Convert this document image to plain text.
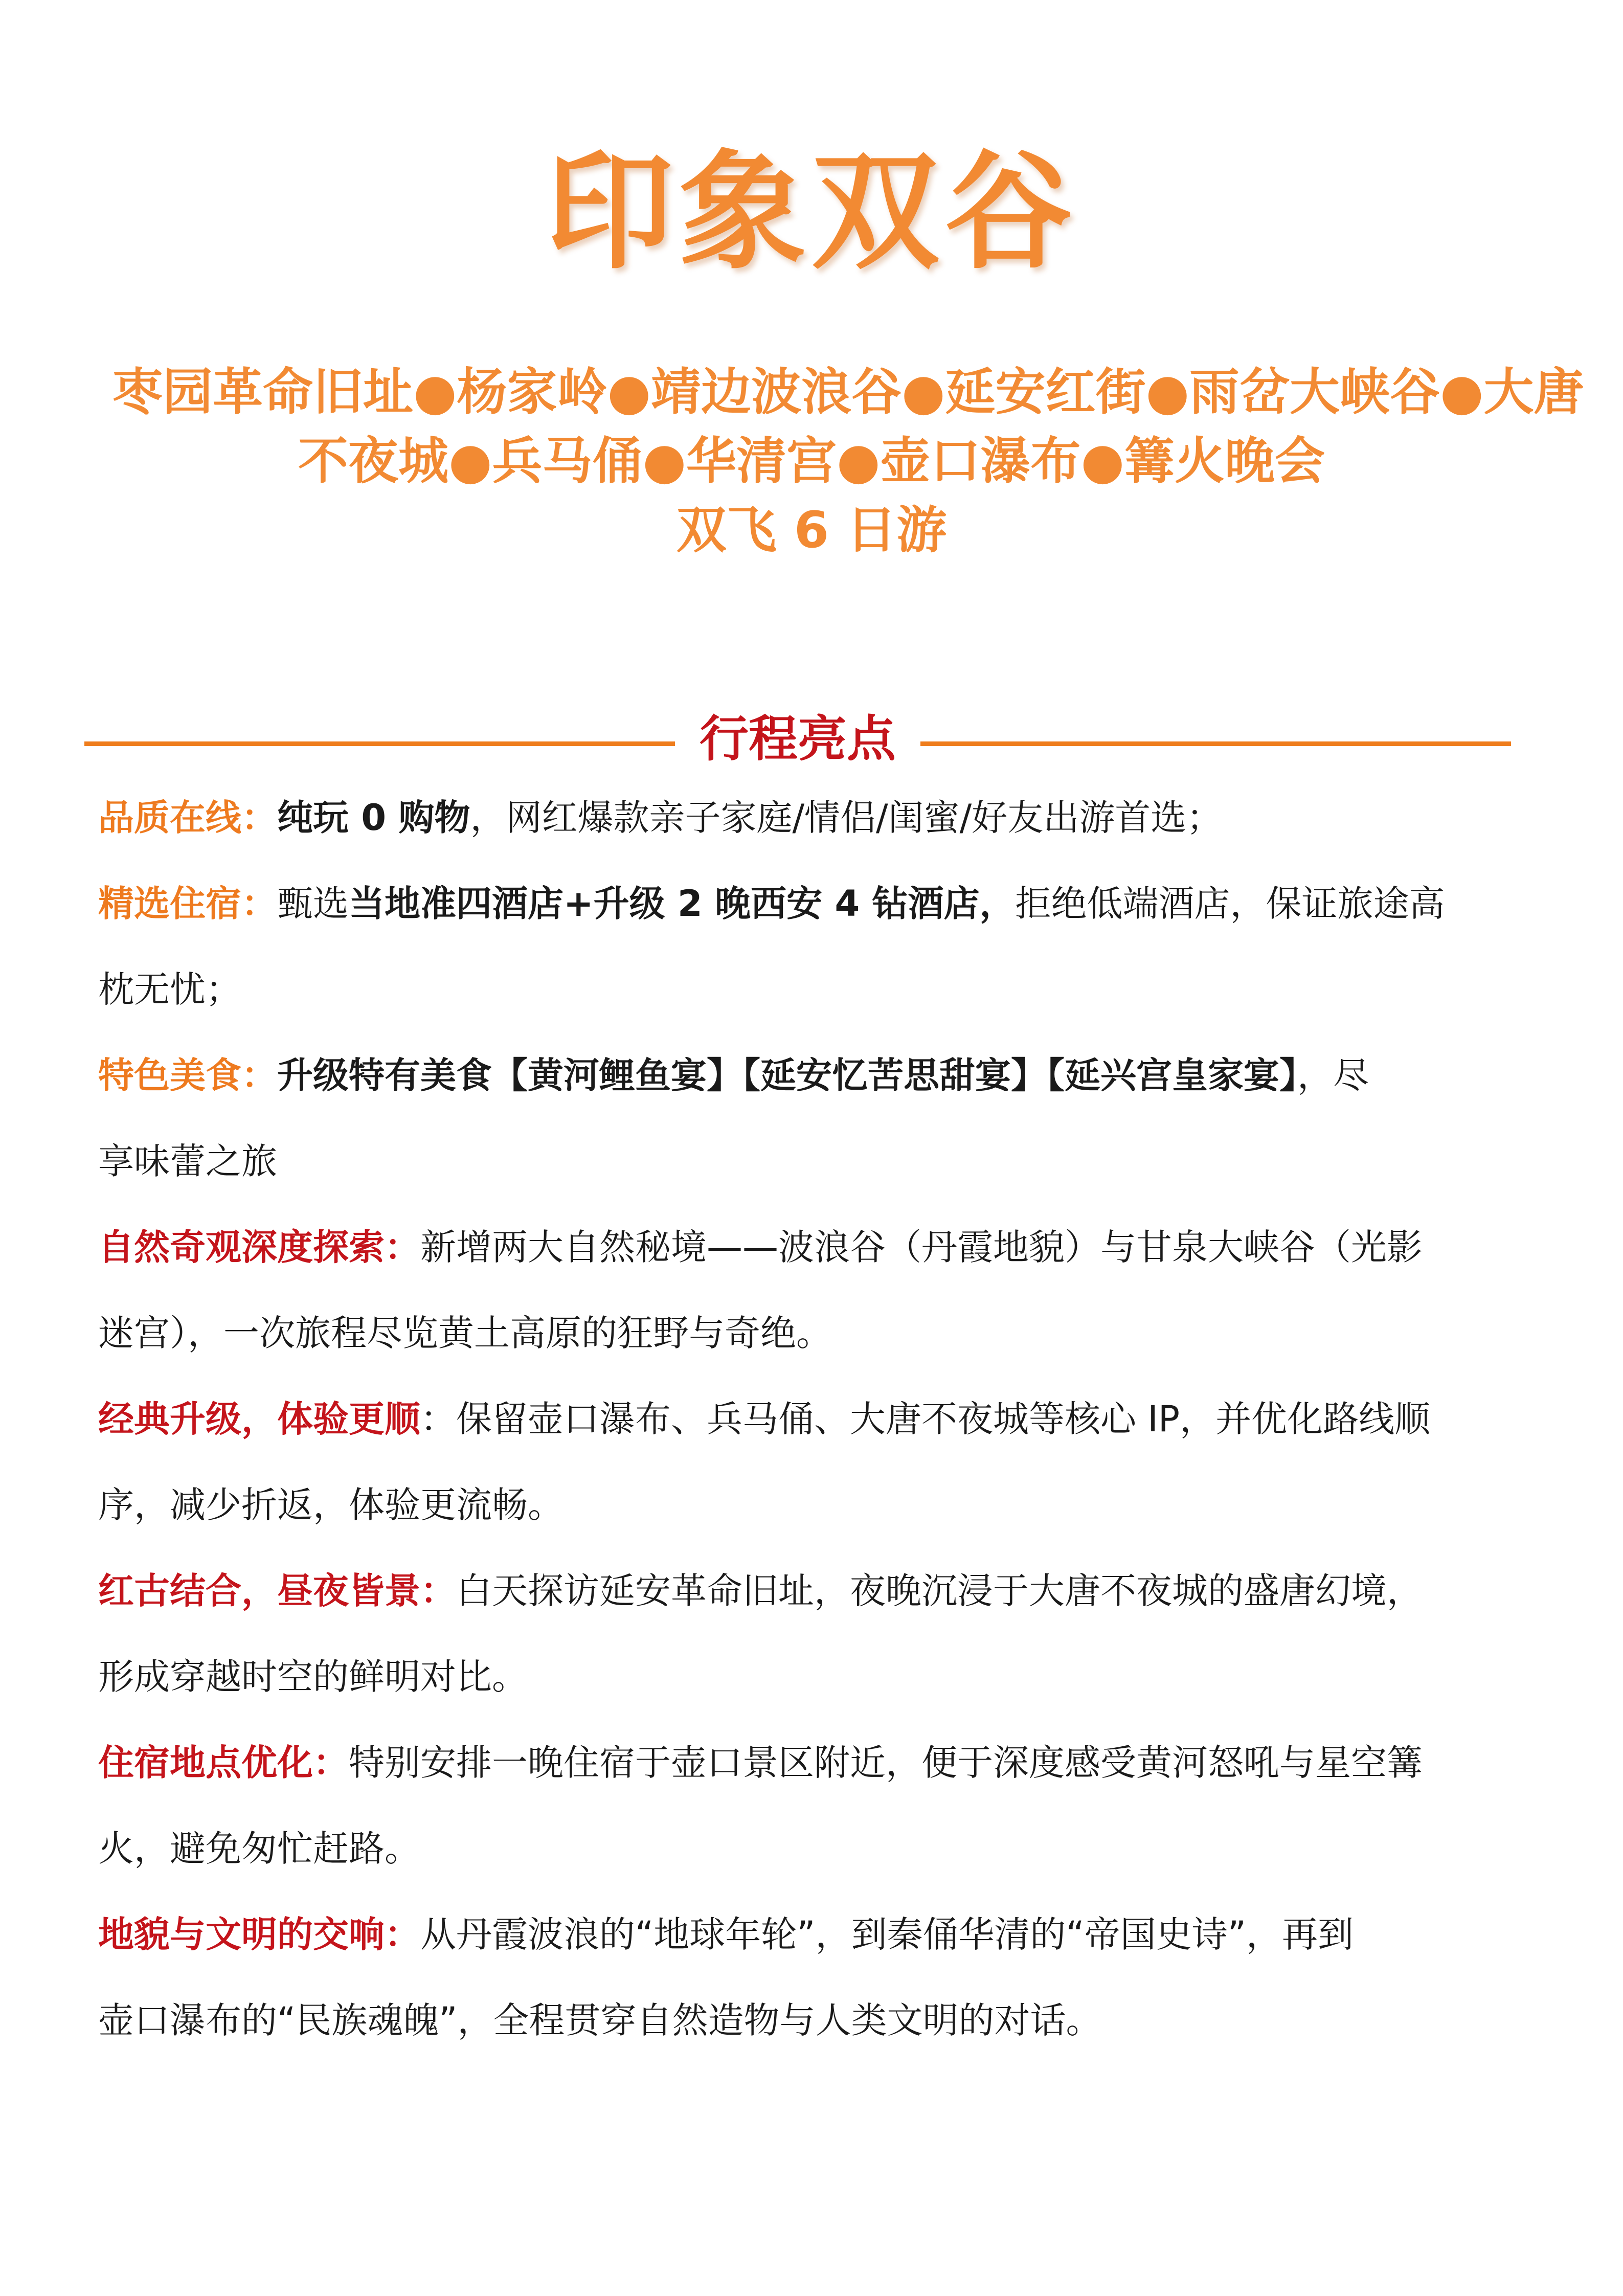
印象双谷
枣园革命旧址●杨家岭●靖边波浪谷●延安红街●雨岔大峡谷●大唐
不夜城●兵马俑●华清宫●壶口瀑布●篝火晚会
双飞 6 日游
行程亮点
品质在线：纯玩 0 购物，网红爆款亲子家庭/情侣/闺蜜/好友出游首选；
精选住宿：甄选当地准四酒店+升级 2 晚西安 4 钻酒店，拒绝低端酒店，保证旅途高
枕无忧；
特色美食：升级特有美食【黄河鲤鱼宴】【延安忆苦思甜宴】【延兴宫皇家宴】，尽
享味蕾之旅
自然奇观深度探索：新增两大自然秘境——波浪谷（丹霞地貌）与甘泉大峡谷（光影
迷宫），一次旅程尽览黄土高原的狂野与奇绝。
经典升级，体验更顺：保留壶口瀑布、兵马俑、大唐不夜城等核心 IP，并优化路线顺
序，减少折返，体验更流畅。
红古结合，昼夜皆景：白天探访延安革命旧址，夜晚沉浸于大唐不夜城的盛唐幻境，
形成穿越时空的鲜明对比。
住宿地点优化：特别安排一晚住宿于壶口景区附近，便于深度感受黄河怒吼与星空篝
火，避免匆忙赶路。
地貌与文明的交响：从丹霞波浪的“地球年轮”，到秦俑华清的“帝国史诗”，再到
壶口瀑布的“民族魂魄”，全程贯穿自然造物与人类文明的对话。
